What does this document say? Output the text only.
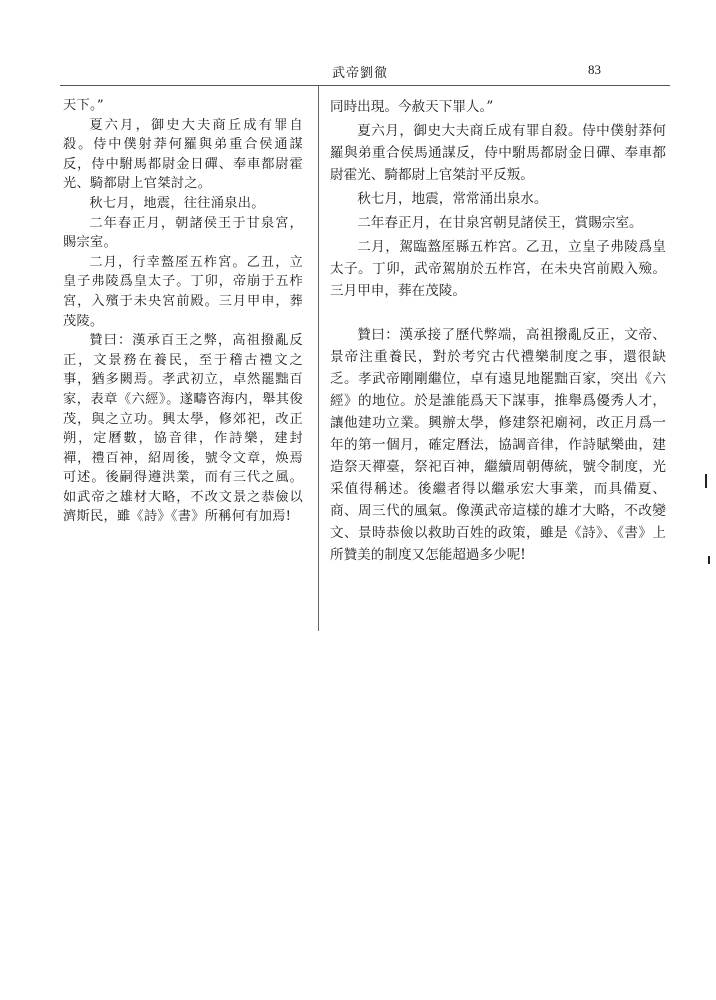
武帝劉徹	83

天下。”

夏六月，御史大夫商丘成有罪自殺。侍中僕射莽何羅與弟重合侯通謀反，侍中駙馬都尉金日磾、奉車都尉霍光、騎都尉上官桀討之。

秋七月，地震，往往涌泉出。

二年春正月，朝諸侯王于甘泉宮，賜宗室。

二月，行幸盩厔五柞宮。乙丑，立皇子弗陵爲皇太子。丁卯，帝崩于五柞宮，入殯于未央宮前殿。三月甲申，葬茂陵。

贊曰：漢承百王之弊，高祖撥亂反正，文景務在養民，至于稽古禮文之事，猶多闕焉。孝武初立，卓然罷黜百家，表章《六經》。遂疇咨海内，舉其俊茂，與之立功。興太學，修郊祀，改正朔，定曆數，協音律，作詩樂，建封禪，禮百神，紹周後，號令文章，焕焉可述。後嗣得遵洪業，而有三代之風。如武帝之雄材大略，不改文景之恭儉以濟斯民，雖《詩》《書》所稱何有加焉!

同時出現。今赦天下罪人。”

夏六月，御史大夫商丘成有罪自殺。侍中僕射莽何羅與弟重合侯馬通謀反，侍中駙馬都尉金日磾、奉車都尉霍光、騎都尉上官桀討平反叛。

秋七月，地震，常常涌出泉水。

二年春正月，在甘泉宮朝見諸侯王，賞賜宗室。

二月，駕臨盩厔縣五柞宮。乙丑，立皇子弗陵爲皇太子。丁卯，武帝駕崩於五柞宮，在未央宮前殿入殮。三月甲申，葬在茂陵。

贊曰：漢承接了歷代弊端，高祖撥亂反正，文帝、景帝注重養民，對於考究古代禮樂制度之事，還很缺乏。孝武帝剛剛繼位，卓有遠見地罷黜百家，突出《六經》的地位。於是誰能爲天下謀事，推舉爲優秀人才，讓他建功立業。興辦太學，修建祭祀廟祠，改正月爲一年的第一個月，確定曆法，協調音律，作詩賦樂曲，建造祭天禪臺，祭祀百神，繼續周朝傳統，號令制度，光采值得稱述。後繼者得以繼承宏大事業，而具備夏、商、周三代的風氣。像漢武帝這樣的雄才大略，不改變文、景時恭儉以救助百姓的政策，雖是《詩》、《書》上所贊美的制度又怎能超過多少呢!
